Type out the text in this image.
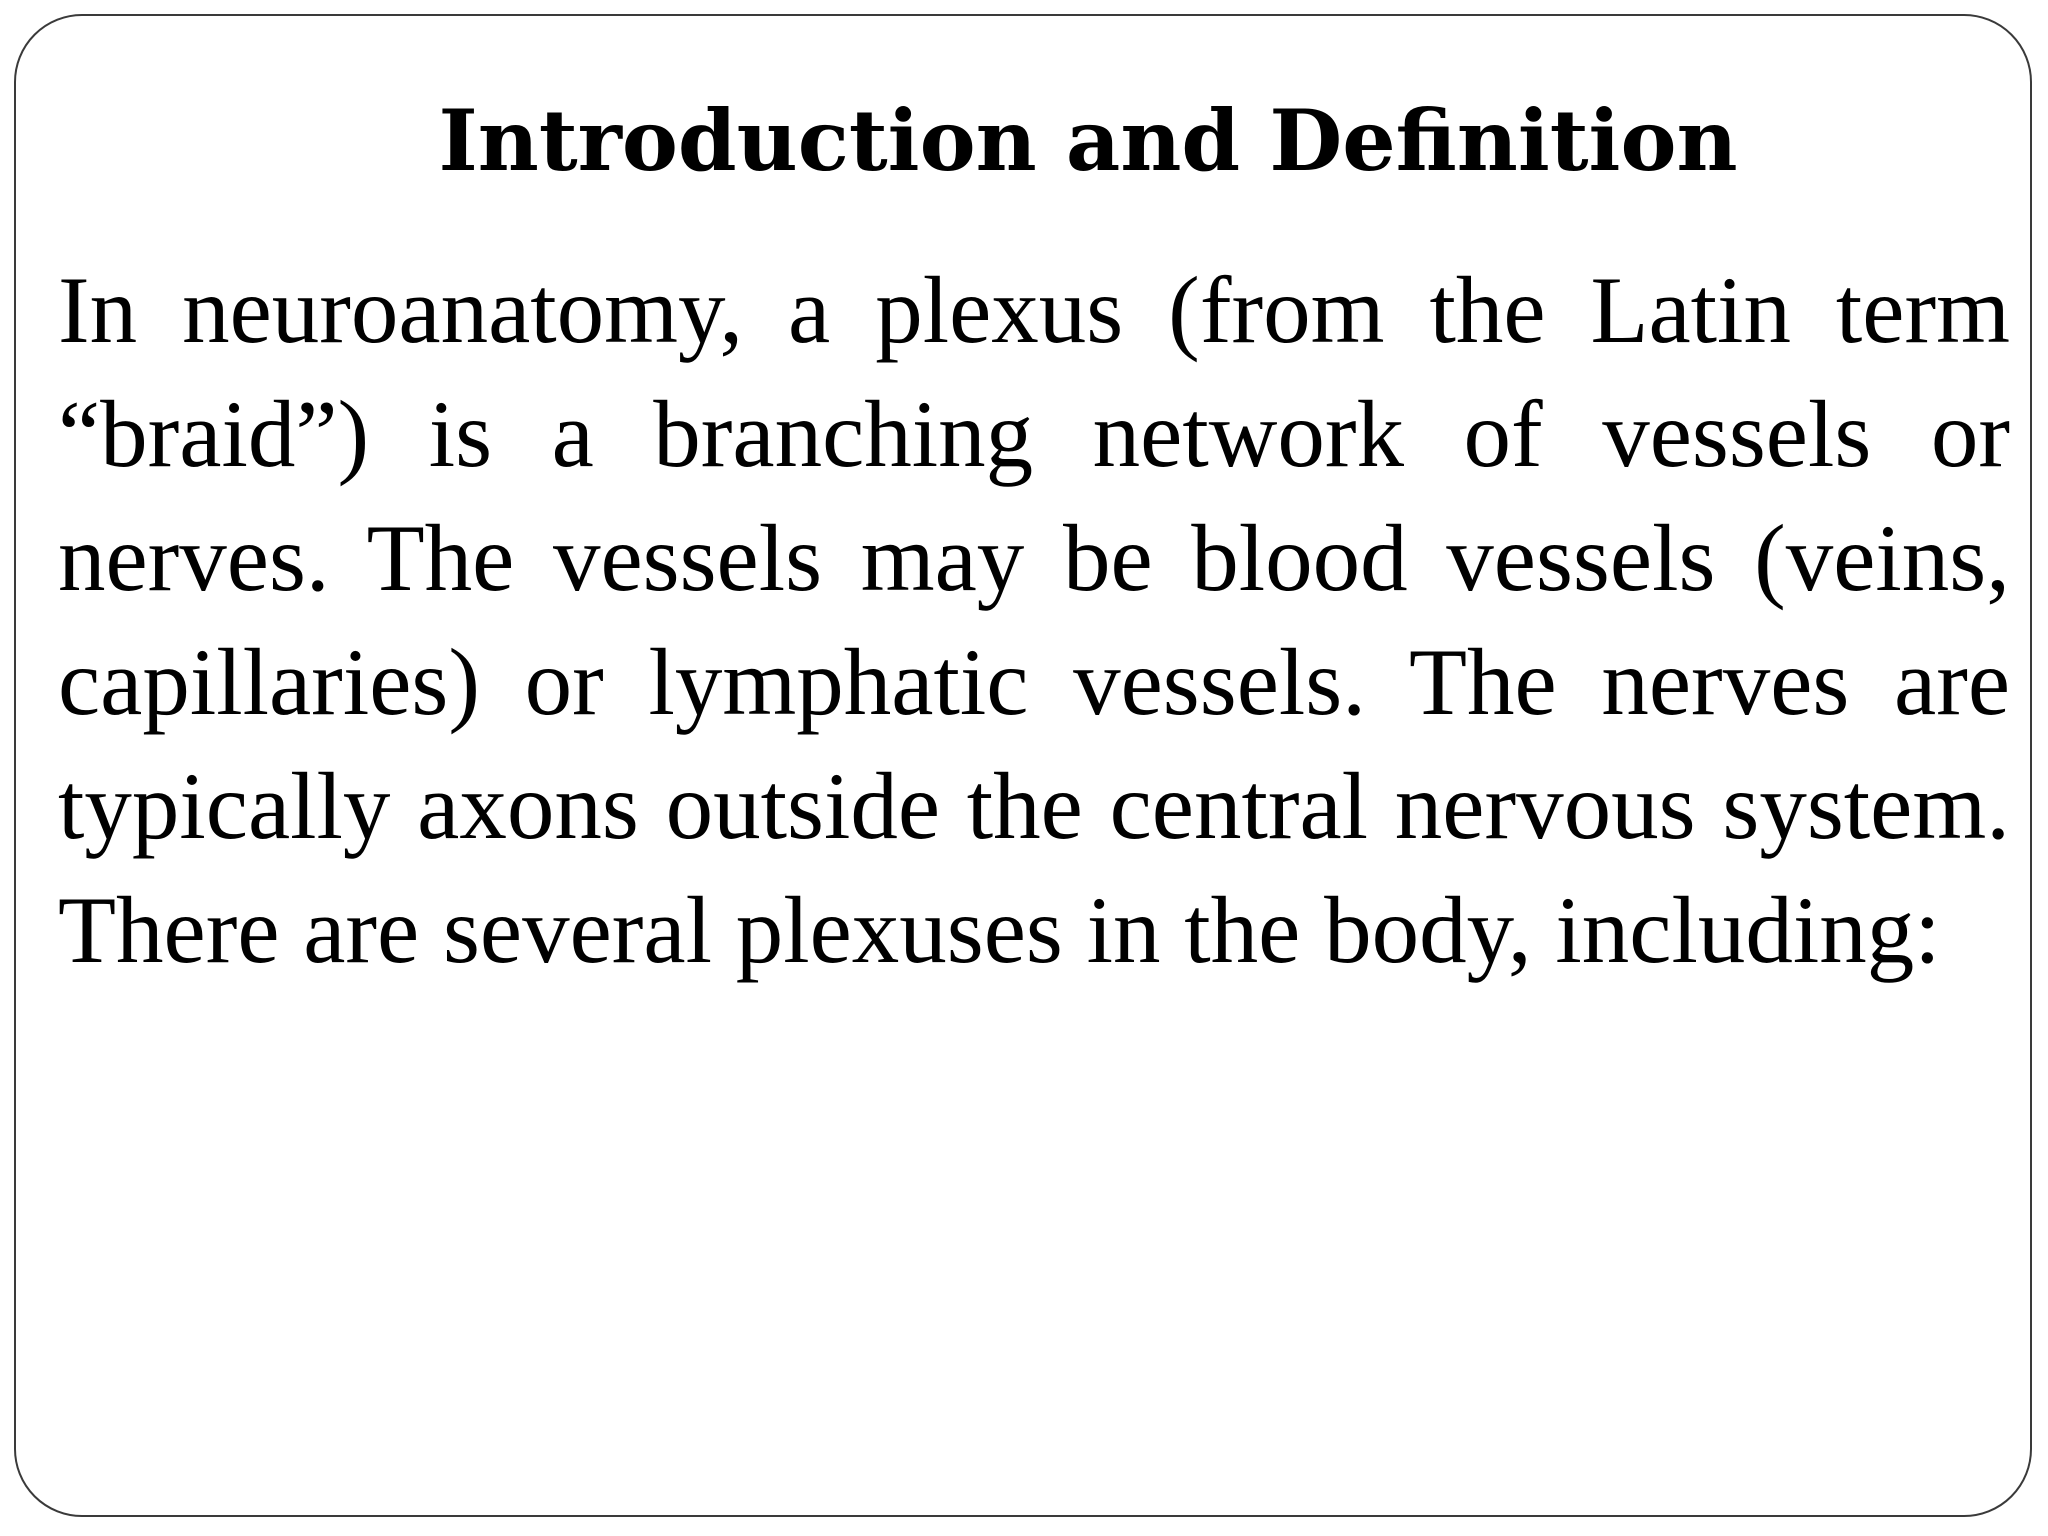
Introduction and Definition

In neuroanatomy, a plexus (from the Latin term “braid”) is a branching network of vessels or nerves. The vessels may be blood vessels (veins, capillaries) or lymphatic vessels. The nerves are typically axons outside the central nervous system. There are several plexuses in the body, including:
